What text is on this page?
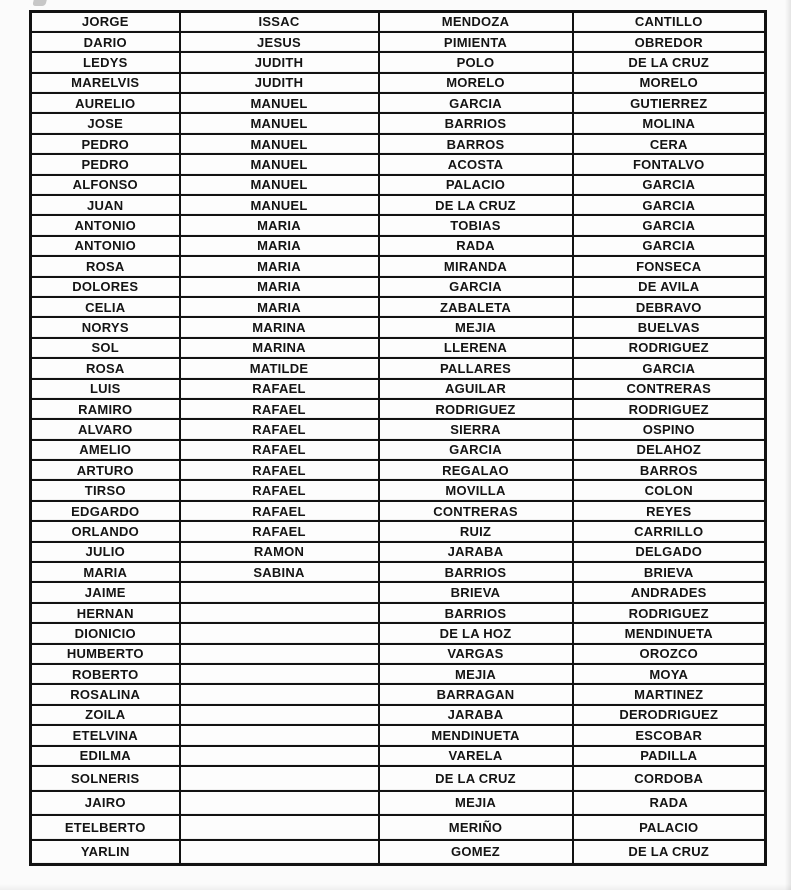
JORGE	ISSAC	MENDOZA	CANTILLO
DARIO	JESUS	PIMIENTA	OBREDOR
LEDYS	JUDITH	POLO	DE LA CRUZ
MARELVIS	JUDITH	MORELO	MORELO
AURELIO	MANUEL	GARCIA	GUTIERREZ
JOSE	MANUEL	BARRIOS	MOLINA
PEDRO	MANUEL	BARROS	CERA
PEDRO	MANUEL	ACOSTA	FONTALVO
ALFONSO	MANUEL	PALACIO	GARCIA
JUAN	MANUEL	DE LA CRUZ	GARCIA
ANTONIO	MARIA	TOBIAS	GARCIA
ANTONIO	MARIA	RADA	GARCIA
ROSA	MARIA	MIRANDA	FONSECA
DOLORES	MARIA	GARCIA	DE AVILA
CELIA	MARIA	ZABALETA	DEBRAVO
NORYS	MARINA	MEJIA	BUELVAS
SOL	MARINA	LLERENA	RODRIGUEZ
ROSA	MATILDE	PALLARES	GARCIA
LUIS	RAFAEL	AGUILAR	CONTRERAS
RAMIRO	RAFAEL	RODRIGUEZ	RODRIGUEZ
ALVARO	RAFAEL	SIERRA	OSPINO
AMELIO	RAFAEL	GARCIA	DELAHOZ
ARTURO	RAFAEL	REGALAO	BARROS
TIRSO	RAFAEL	MOVILLA	COLON
EDGARDO	RAFAEL	CONTRERAS	REYES
ORLANDO	RAFAEL	RUIZ	CARRILLO
JULIO	RAMON	JARABA	DELGADO
MARIA	SABINA	BARRIOS	BRIEVA
JAIME		BRIEVA	ANDRADES
HERNAN		BARRIOS	RODRIGUEZ
DIONICIO		DE LA HOZ	MENDINUETA
HUMBERTO		VARGAS	OROZCO
ROBERTO		MEJIA	MOYA
ROSALINA		BARRAGAN	MARTINEZ
ZOILA		JARABA	DERODRIGUEZ
ETELVINA		MENDINUETA	ESCOBAR
EDILMA		VARELA	PADILLA
SOLNERIS		DE LA CRUZ	CORDOBA
JAIRO		MEJIA	RADA
ETELBERTO		MERIÑO	PALACIO
YARLIN		GOMEZ	DE LA CRUZ
